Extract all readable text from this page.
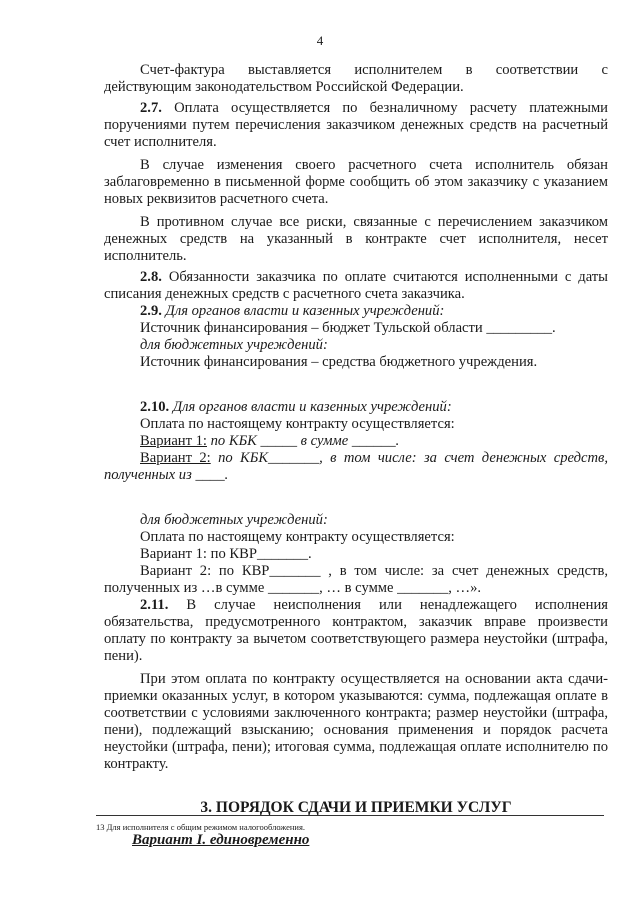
4
Счет-фактура выставляется исполнителем в соответствии с

действующим законодательством Российской Федерации.

2.7. Оплата осуществляется по безналичному расчету платежными поручениями путем перечисления заказчиком денежных средств на расчетный счет исполнителя.

В случае изменения своего расчетного счета исполнитель обязан заблаговременно в письменной форме сообщить об этом заказчику с указанием новых реквизитов расчетного счета.

В противном случае все риски, связанные с перечислением заказчиком денежных средств на указанный в контракте счет исполнителя, несет исполнитель.

2.8. Обязанности заказчика по оплате считаются исполненными с даты списания денежных средств с расчетного счета заказчика.

2.9. Для органов власти и казенных учреждений:

Источник финансирования – бюджет Тульской области _________.

для бюджетных учреждений:

Источник финансирования – средства бюджетного учреждения.

2.10. Для органов власти и казенных учреждений:

Оплата по настоящему контракту осуществляется:

Вариант 1: по КБК _____ в сумме ______.

Вариант 2: по КБК_______, в том числе: за счет денежных средств, полученных из ____.

для бюджетных учреждений:

Оплата по настоящему контракту осуществляется:

Вариант 1: по КВР_______.

Вариант 2: по КВР_______ , в том числе: за счет денежных средств, полученных из …в сумме _______, … в сумме _______, …».

2.11. В случае неисполнения или ненадлежащего исполнения обязательства, предусмотренного контрактом, заказчик вправе произвести оплату по контракту за вычетом соответствующего размера неустойки (штрафа, пени).

При этом оплата по контракту осуществляется на основании акта сдачи-приемки оказанных услуг, в котором указываются: сумма, подлежащая оплате в соответствии с условиями заключенного контракта; размер неустойки (штрафа, пени), подлежащий взысканию; основания применения и порядок расчета неустойки (штрафа, пени); итоговая сумма, подлежащая оплате исполнителю по контракту.

3. ПОРЯДОК СДАЧИ И ПРИЕМКИ УСЛУГ
Вариант I. единовременно
13 Для исполнителя с общим режимом налогообложения.
